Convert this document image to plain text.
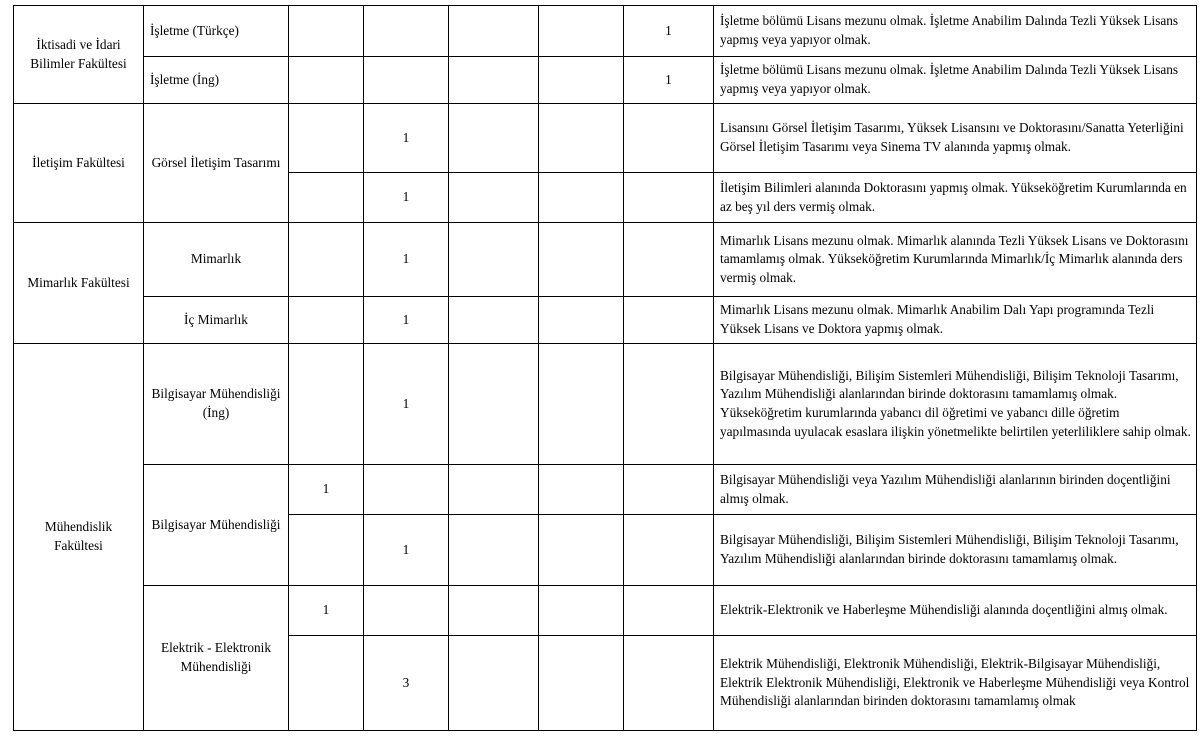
İktisadi ve İdari Bilimler Fakültesi	İşletme (Türkçe)					1	İşletme bölümü Lisans mezunu olmak. İşletme Anabilim Dalında Tezli Yüksek Lisans yapmış veya yapıyor olmak.
	İşletme (İng)					1	İşletme bölümü Lisans mezunu olmak. İşletme Anabilim Dalında Tezli Yüksek Lisans yapmış veya yapıyor olmak.
İletişim Fakültesi	Görsel İletişim Tasarımı		1				Lisansını Görsel İletişim Tasarımı, Yüksek Lisansını ve Doktorasını/Sanatta Yeterliğini Görsel İletişim Tasarımı veya Sinema TV alanında yapmış olmak.
			1				İletişim Bilimleri alanında Doktorasını yapmış olmak. Yükseköğretim Kurumlarında en az beş yıl ders vermiş olmak.
Mimarlık Fakültesi	Mimarlık		1				Mimarlık Lisans mezunu olmak. Mimarlık alanında Tezli Yüksek Lisans ve Doktorasını tamamlamış olmak. Yükseköğretim Kurumlarında Mimarlık/İç Mimarlık alanında ders vermiş olmak.
	İç Mimarlık		1				Mimarlık Lisans mezunu olmak. Mimarlık Anabilim Dalı Yapı programında Tezli Yüksek Lisans ve Doktora yapmış olmak.
Mühendislik Fakültesi	Bilgisayar Mühendisliği (İng)		1				Bilgisayar Mühendisliği, Bilişim Sistemleri Mühendisliği, Bilişim Teknoloji Tasarımı, Yazılım Mühendisliği alanlarından birinde doktorasını tamamlamış olmak. Yükseköğretim kurumlarında yabancı dil öğretimi ve yabancı dille öğretim yapılmasında uyulacak esaslara ilişkin yönetmelikte belirtilen yeterliliklere sahip olmak.
	Bilgisayar Mühendisliği	1					Bilgisayar Mühendisliği veya Yazılım Mühendisliği alanlarının birinden doçentliğini almış olmak.
			1				Bilgisayar Mühendisliği, Bilişim Sistemleri Mühendisliği, Bilişim Teknoloji Tasarımı, Yazılım Mühendisliği alanlarından birinde doktorasını tamamlamış olmak.
	Elektrik - Elektronik Mühendisliği	1					Elektrik-Elektronik ve Haberleşme Mühendisliği alanında doçentliğini almış olmak.
			3				Elektrik Mühendisliği, Elektronik Mühendisliği, Elektrik-Bilgisayar Mühendisliği, Elektrik Elektronik Mühendisliği, Elektronik ve Haberleşme Mühendisliği veya Kontrol Mühendisliği alanlarından birinden doktorasını tamamlamış olmak
